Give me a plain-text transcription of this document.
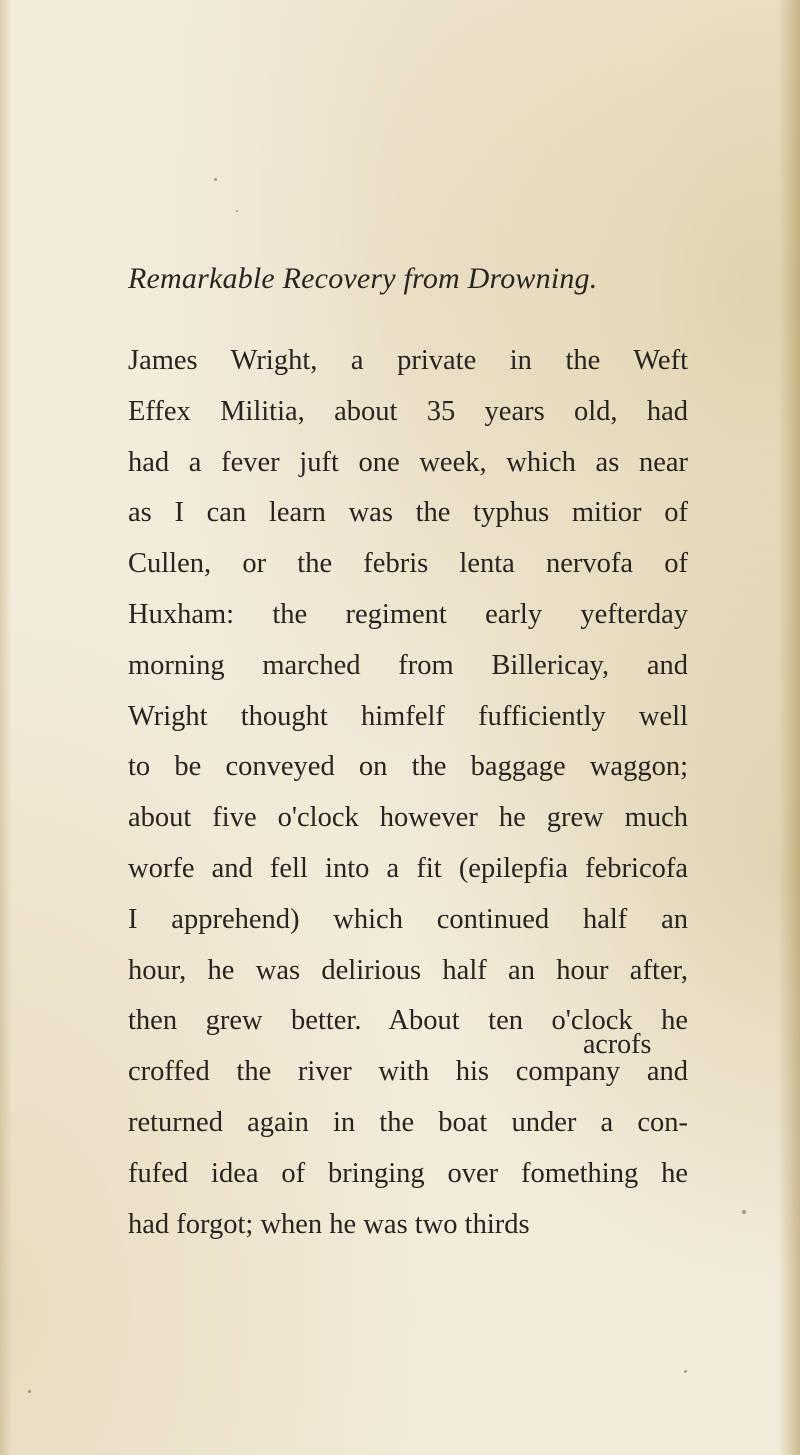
Remarkable Recovery from Drowning.
James Wright, a private in the Weft
Effex Militia, about 35 years old, had
had a fever juft one week, which as near
as I can learn was the typhus mitior of
Cullen, or the febris lenta nervofa of
Huxham: the regiment early yefterday
morning marched from Billericay, and
Wright thought himfelf fufficiently well
to be conveyed on the baggage waggon;
about five o'clock however he grew much
worfe and fell into a fit (epilepfia febricofa
I apprehend) which continued half an
hour, he was delirious half an hour after,
then grew better. About ten o'clock he
croffed the river with his company and
returned again in the boat under a con-
fufed idea of bringing over fomething he
had forgot; when he was two thirds
acrofs
